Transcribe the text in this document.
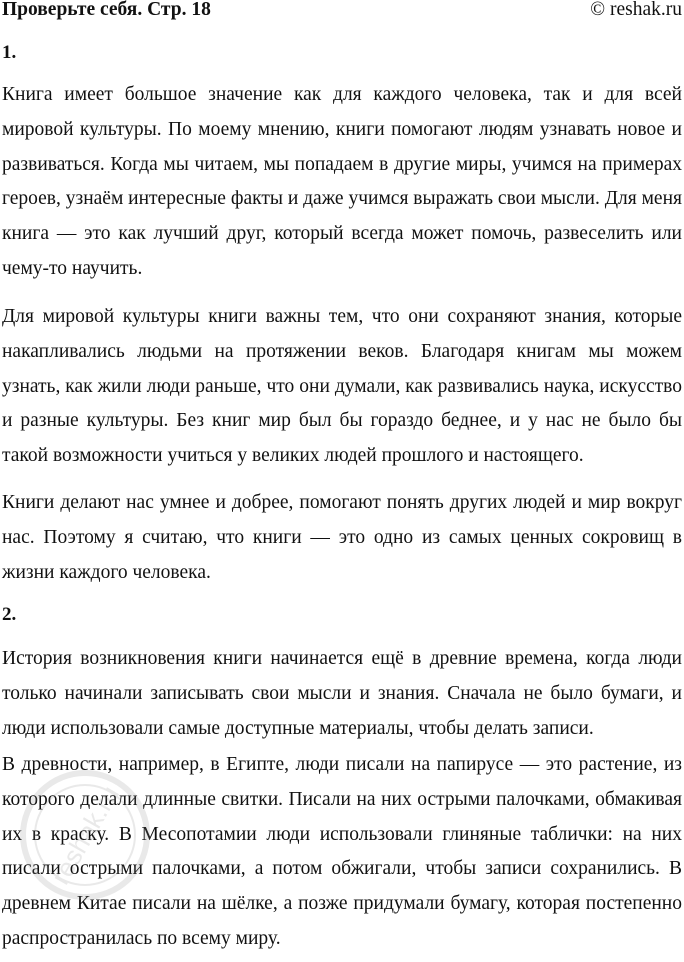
Проверьте себя. Стр. 18	© reshak.ru
1.

Книга имеет большое значение как для каждого человека, так и для всей мировой культуры. По моему мнению, книги помогают людям узнавать новое и развиваться. Когда мы читаем, мы попадаем в другие миры, учимся на примерах героев, узнаём интересные факты и даже учимся выражать свои мысли. Для меня книга — это как лучший друг, который всегда может помочь, развеселить или чему-то научить.

Для мировой культуры книги важны тем, что они сохраняют знания, которые накапливались людьми на протяжении веков. Благодаря книгам мы можем узнать, как жили люди раньше, что они думали, как развивались наука, искусство и разные культуры. Без книг мир был бы гораздо беднее, и у нас не было бы такой возможности учиться у великих людей прошлого и настоящего.

Книги делают нас умнее и добрее, помогают понять других людей и мир вокруг нас. Поэтому я считаю, что книги — это одно из самых ценных сокровищ в жизни каждого человека.

2.

История возникновения книги начинается ещё в древние времена, когда люди только начинали записывать свои мысли и знания. Сначала не было бумаги, и люди использовали самые доступные материалы, чтобы делать записи.

В древности, например, в Египте, люди писали на папирусе — это растение, из которого делали длинные свитки. Писали на них острыми палочками, обмакивая их в краску. В Месопотамии люди использовали глиняные таблички: на них писали острыми палочками, а потом обжигали, чтобы записи сохранились. В древнем Китае писали на шёлке, а позже придумали бумагу, которая постепенно распространилась по всему миру.

reshak.ru
